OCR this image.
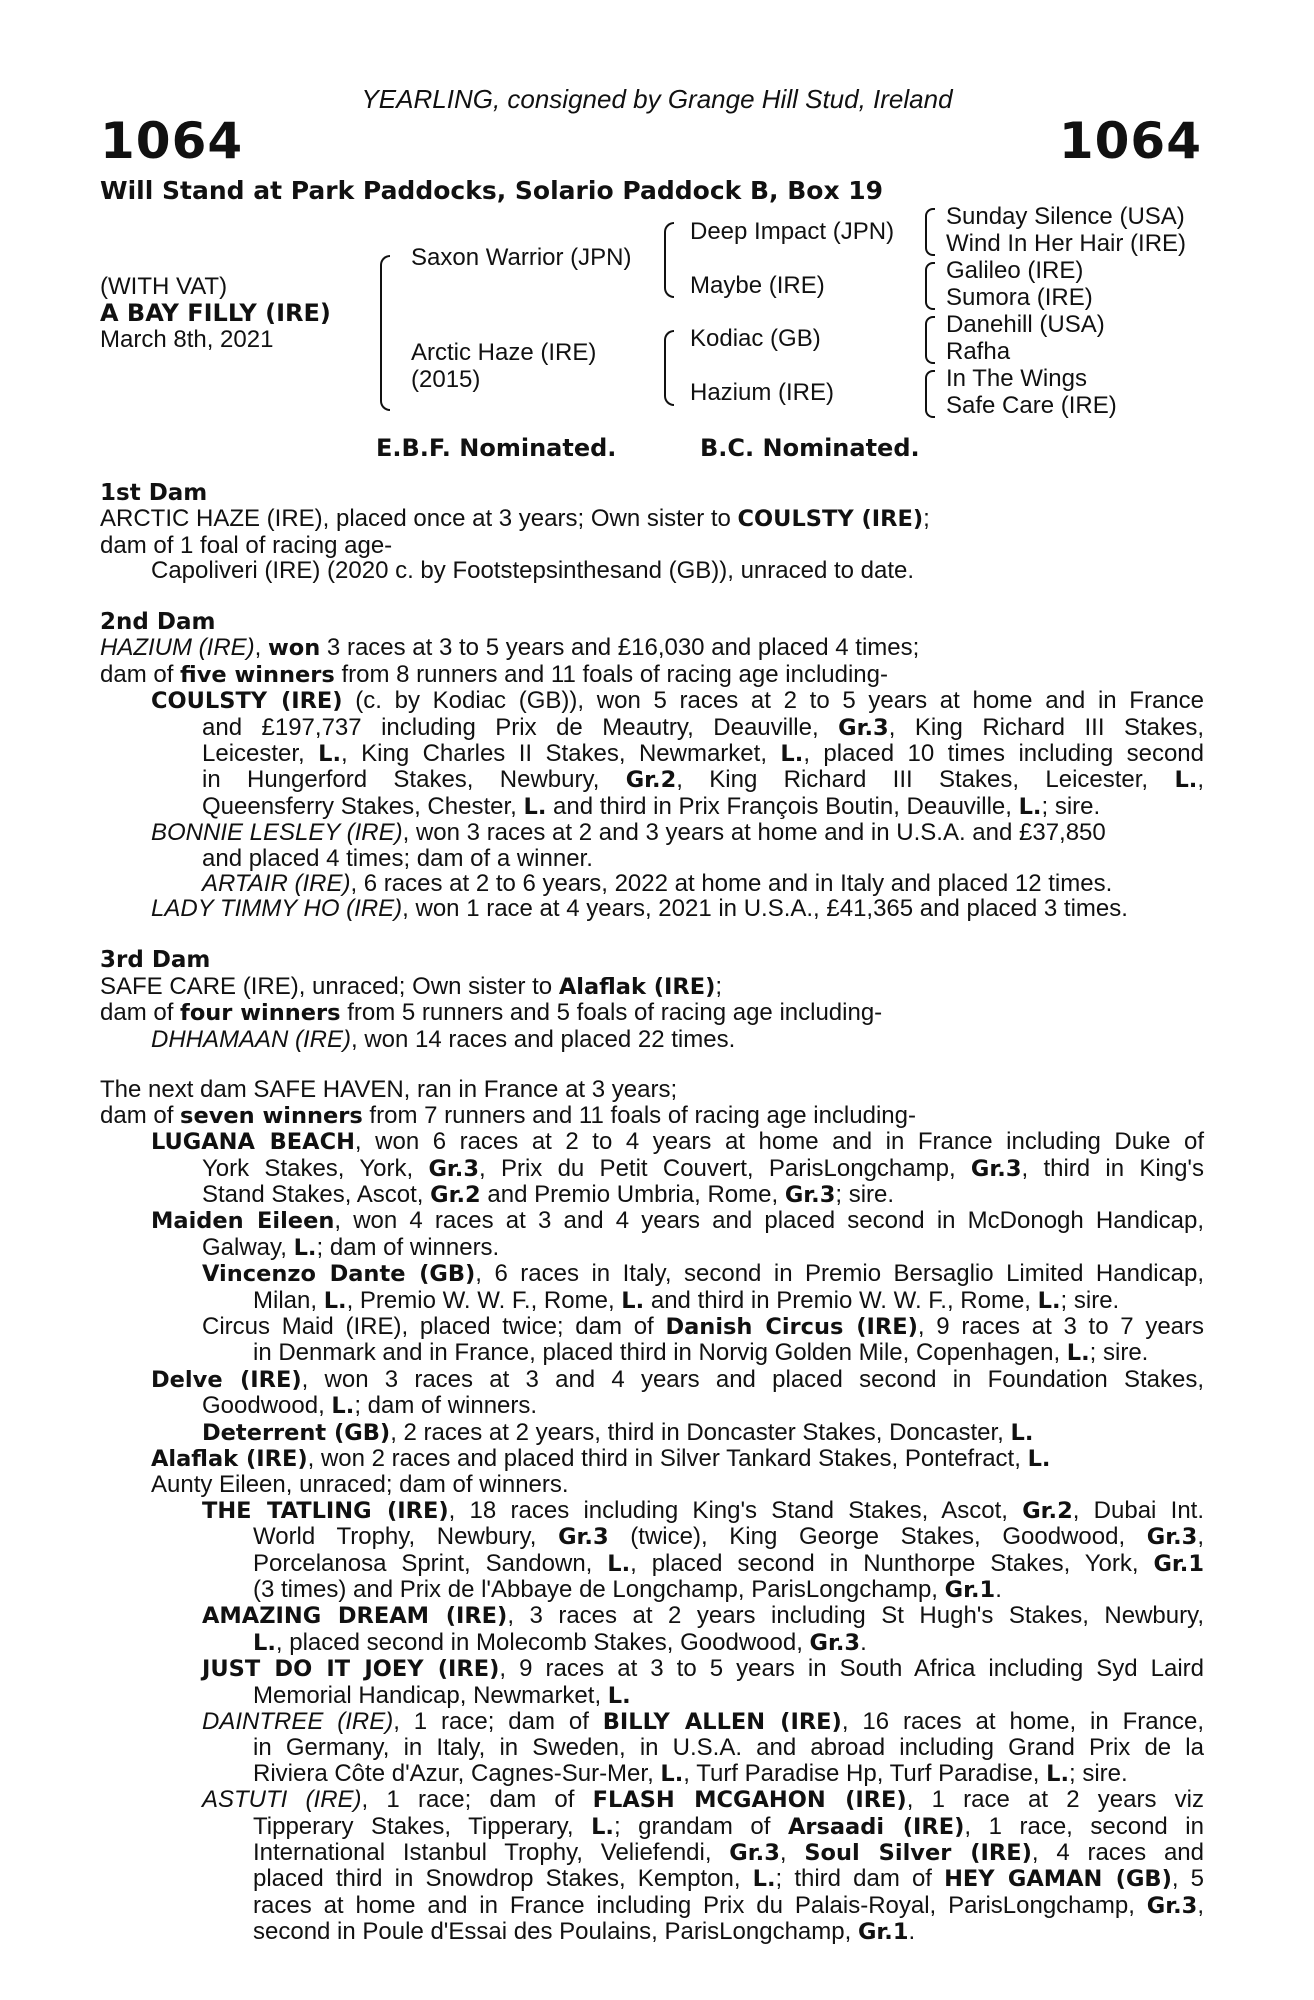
YEARLING, consigned by Grange Hill Stud, Ireland
1064	1064
Will Stand at Park Paddocks, Solario Paddock B, Box 19
(WITH VAT)
A BAY FILLY (IRE)
March 8th, 2021
Saxon Warrior (JPN)
Arctic Haze (IRE)
(2015)
Deep Impact (JPN)
Maybe (IRE)
Kodiac (GB)
Hazium (IRE)
Sunday Silence (USA)
Wind In Her Hair (IRE)
Galileo (IRE)
Sumora (IRE)
Danehill (USA)
Rafha
In The Wings
Safe Care (IRE)
E.B.F. Nominated.	B.C. Nominated.
1st Dam
ARCTIC HAZE (IRE), placed once at 3 years; Own sister to COULSTY (IRE);
dam of 1 foal of racing age-
Capoliveri (IRE) (2020 c. by Footstepsinthesand (GB)), unraced to date.
2nd Dam
HAZIUM (IRE), won 3 races at 3 to 5 years and £16,030 and placed 4 times;
dam of five winners from 8 runners and 11 foals of racing age including-
COULSTY (IRE) (c. by Kodiac (GB)), won 5 races at 2 to 5 years at home and in France
and £197,737 including Prix de Meautry, Deauville, Gr.3, King Richard III Stakes,
Leicester, L., King Charles II Stakes, Newmarket, L., placed 10 times including second
in Hungerford Stakes, Newbury, Gr.2, King Richard III Stakes, Leicester, L.,
Queensferry Stakes, Chester, L. and third in Prix François Boutin, Deauville, L.; sire.
BONNIE LESLEY (IRE), won 3 races at 2 and 3 years at home and in U.S.A. and £37,850
and placed 4 times; dam of a winner.
ARTAIR (IRE), 6 races at 2 to 6 years, 2022 at home and in Italy and placed 12 times.
LADY TIMMY HO (IRE), won 1 race at 4 years, 2021 in U.S.A., £41,365 and placed 3 times.
3rd Dam
SAFE CARE (IRE), unraced; Own sister to Alaflak (IRE);
dam of four winners from 5 runners and 5 foals of racing age including-
DHHAMAAN (IRE), won 14 races and placed 22 times.
The next dam SAFE HAVEN, ran in France at 3 years;
dam of seven winners from 7 runners and 11 foals of racing age including-
LUGANA BEACH, won 6 races at 2 to 4 years at home and in France including Duke of
York Stakes, York, Gr.3, Prix du Petit Couvert, ParisLongchamp, Gr.3, third in King's
Stand Stakes, Ascot, Gr.2 and Premio Umbria, Rome, Gr.3; sire.
Maiden Eileen, won 4 races at 3 and 4 years and placed second in McDonogh Handicap,
Galway, L.; dam of winners.
Vincenzo Dante (GB), 6 races in Italy, second in Premio Bersaglio Limited Handicap,
Milan, L., Premio W. W. F., Rome, L. and third in Premio W. W. F., Rome, L.; sire.
Circus Maid (IRE), placed twice; dam of Danish Circus (IRE), 9 races at 3 to 7 years
in Denmark and in France, placed third in Norvig Golden Mile, Copenhagen, L.; sire.
Delve (IRE), won 3 races at 3 and 4 years and placed second in Foundation Stakes,
Goodwood, L.; dam of winners.
Deterrent (GB), 2 races at 2 years, third in Doncaster Stakes, Doncaster, L.
Alaflak (IRE), won 2 races and placed third in Silver Tankard Stakes, Pontefract, L.
Aunty Eileen, unraced; dam of winners.
THE TATLING (IRE), 18 races including King's Stand Stakes, Ascot, Gr.2, Dubai Int.
World Trophy, Newbury, Gr.3 (twice), King George Stakes, Goodwood, Gr.3,
Porcelanosa Sprint, Sandown, L., placed second in Nunthorpe Stakes, York, Gr.1
(3 times) and Prix de l'Abbaye de Longchamp, ParisLongchamp, Gr.1.
AMAZING DREAM (IRE), 3 races at 2 years including St Hugh's Stakes, Newbury,
L., placed second in Molecomb Stakes, Goodwood, Gr.3.
JUST DO IT JOEY (IRE), 9 races at 3 to 5 years in South Africa including Syd Laird
Memorial Handicap, Newmarket, L.
DAINTREE (IRE), 1 race; dam of BILLY ALLEN (IRE), 16 races at home, in France,
in Germany, in Italy, in Sweden, in U.S.A. and abroad including Grand Prix de la
Riviera Côte d'Azur, Cagnes-Sur-Mer, L., Turf Paradise Hp, Turf Paradise, L.; sire.
ASTUTI (IRE), 1 race; dam of FLASH MCGAHON (IRE), 1 race at 2 years viz
Tipperary Stakes, Tipperary, L.; grandam of Arsaadi (IRE), 1 race, second in
International Istanbul Trophy, Veliefendi, Gr.3, Soul Silver (IRE), 4 races and
placed third in Snowdrop Stakes, Kempton, L.; third dam of HEY GAMAN (GB), 5
races at home and in France including Prix du Palais-Royal, ParisLongchamp, Gr.3,
second in Poule d'Essai des Poulains, ParisLongchamp, Gr.1.
